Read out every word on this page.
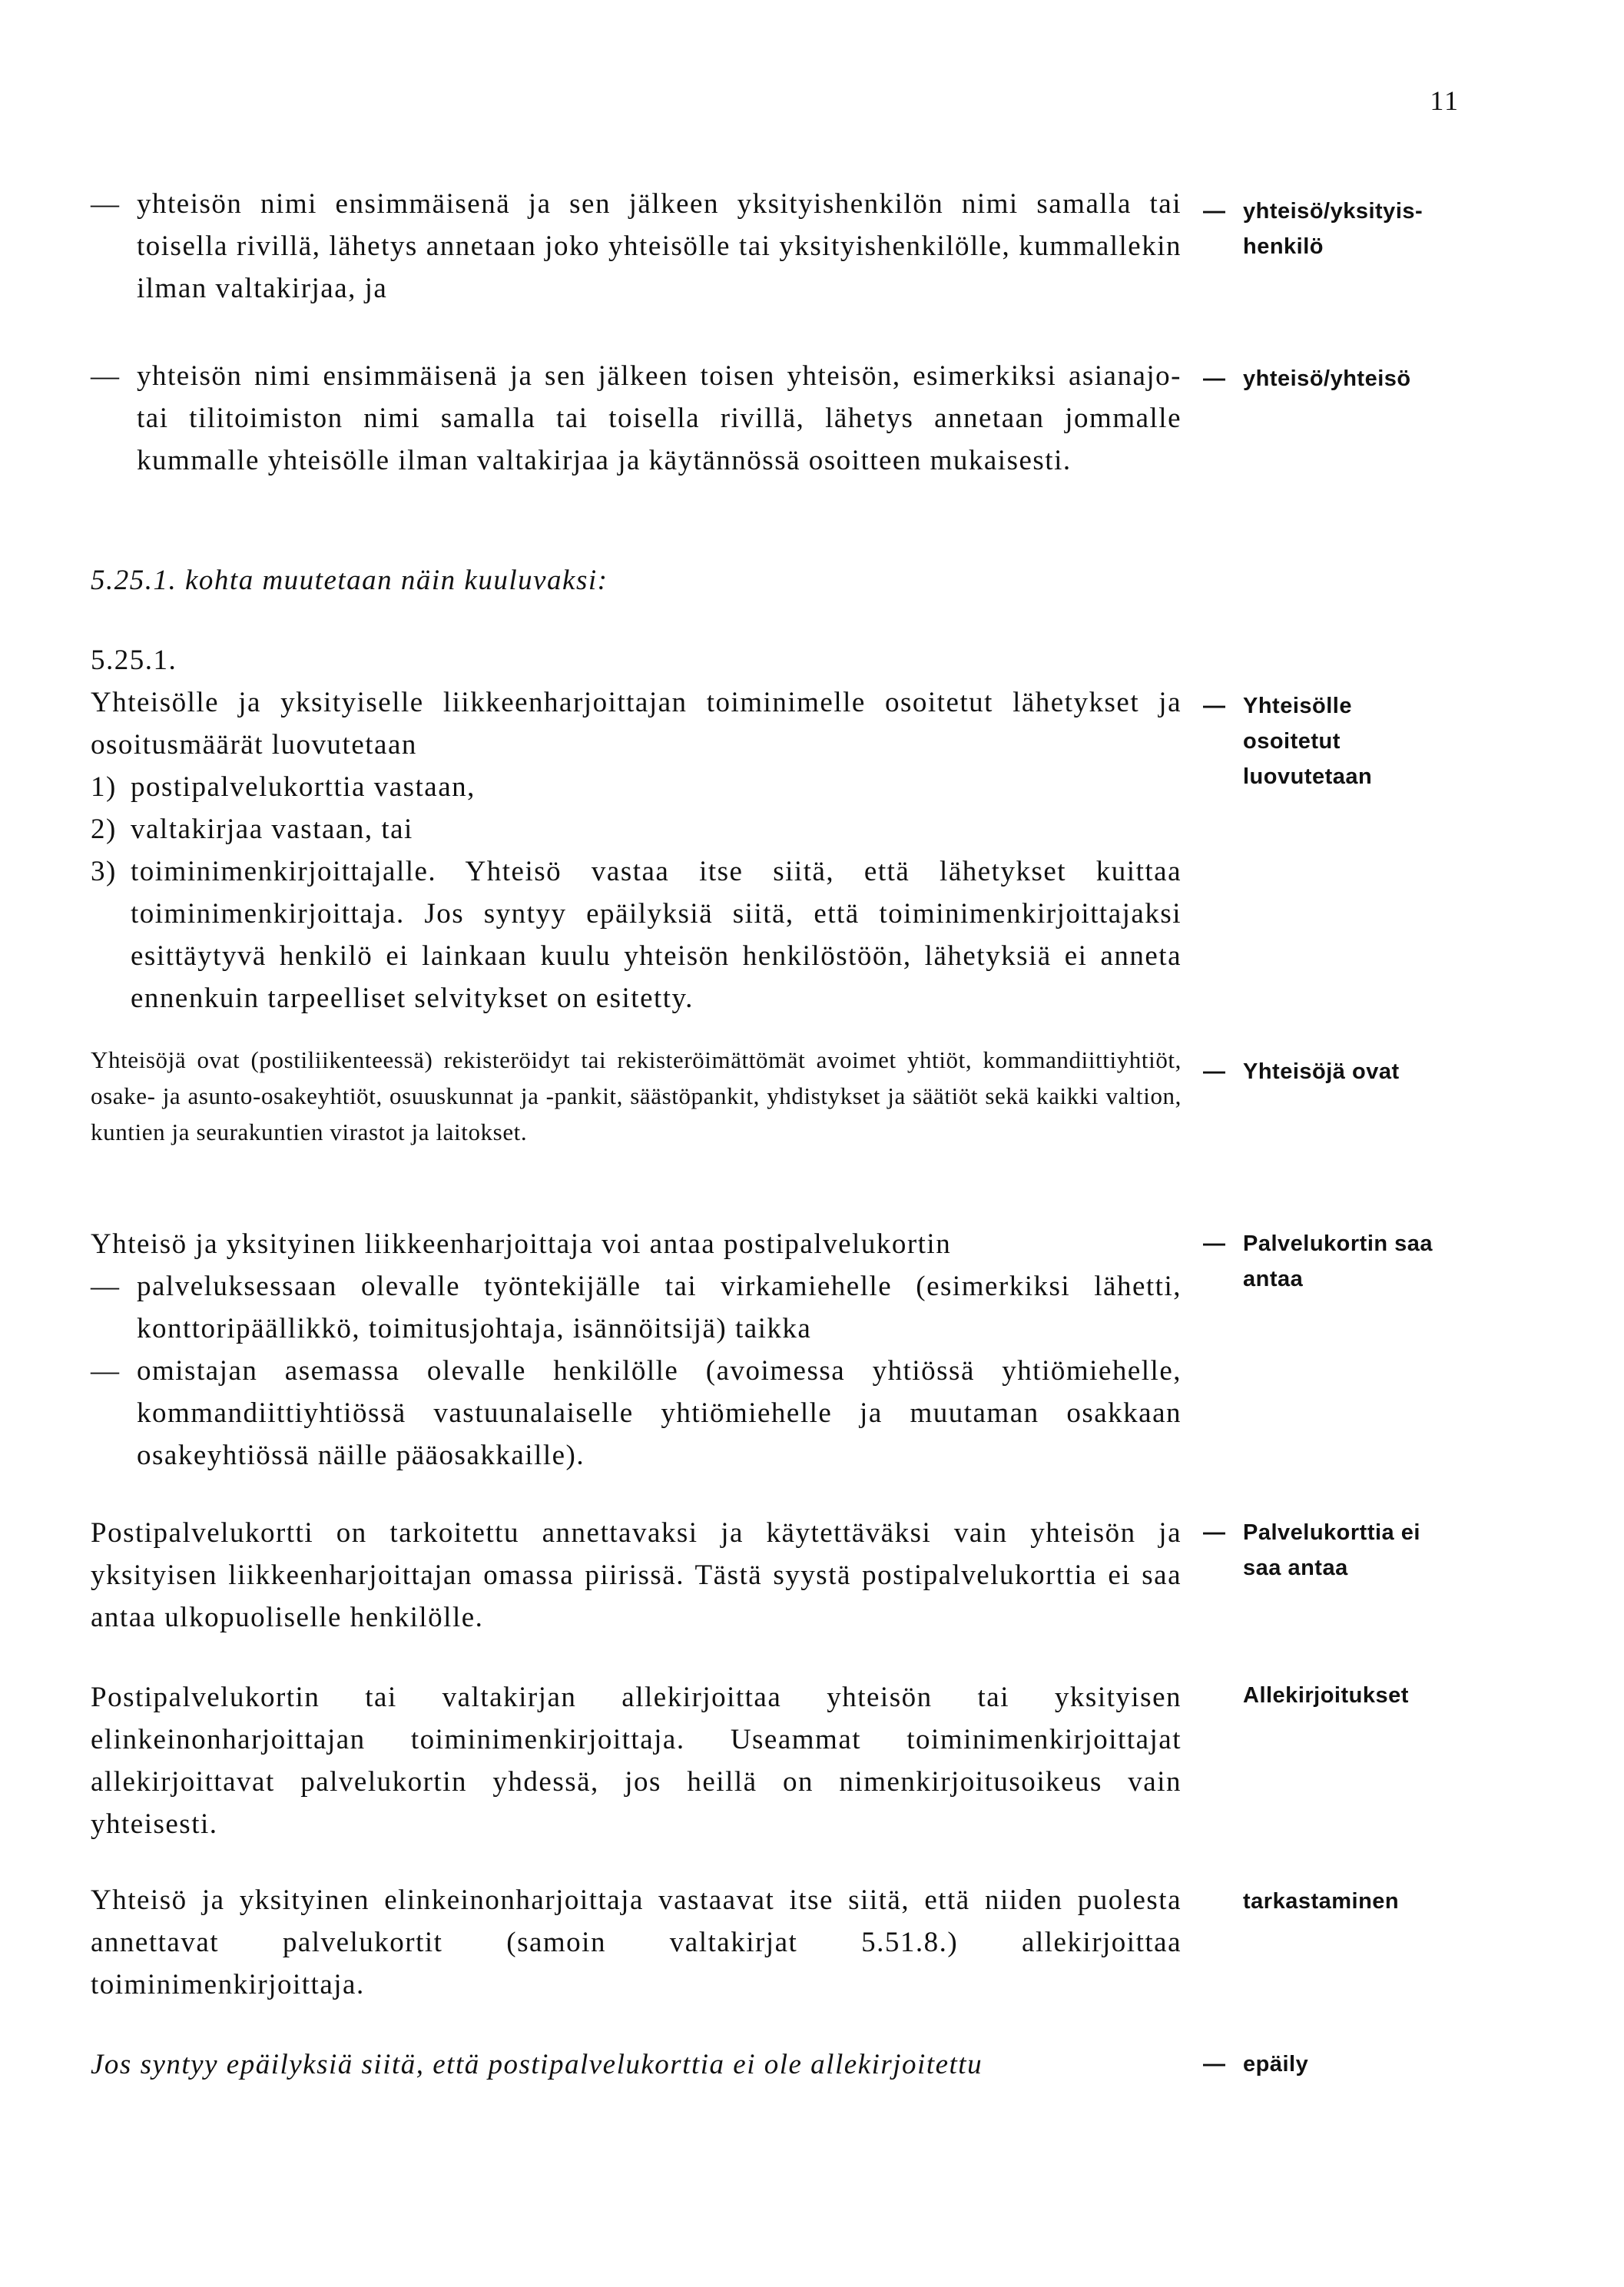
11
— yhteisön nimi ensimmäisenä ja sen jälkeen yksityishenkilön nimi samalla tai toisella rivillä, lähetys annetaan joko yhteisölle tai yksityishenkilölle, kummallekin ilman valtakirjaa, ja
— yhteisö/yksityis-
henkilö
— yhteisön nimi ensimmäisenä ja sen jälkeen toisen yhteisön, esimerkiksi asianajo- tai tilitoimiston nimi samalla tai toisella rivillä, lähetys annetaan jommalle kummalle yhteisölle ilman valtakirjaa ja käytännössä osoitteen mukaisesti.
— yhteisö/yhteisö
5.25.1. kohta muutetaan näin kuuluvaksi:
5.25.1.
Yhteisölle ja yksityiselle liikkeenharjoittajan toiminimelle osoitetut lähetykset ja osoitusmäärät luovutetaan
1) postipalvelukorttia vastaan,
2) valtakirjaa vastaan, tai
3) toiminimenkirjoittajalle. Yhteisö vastaa itse siitä, että lähetykset kuittaa toiminimenkirjoittaja. Jos syntyy epäilyksiä siitä, että toiminimenkirjoittajaksi esittäytyvä henkilö ei lainkaan kuulu yhteisön henkilöstöön, lähetyksiä ei anneta ennenkuin tarpeelliset selvitykset on esitetty.
— Yhteisölle
osoitetut
luovutetaan
Yhteisöjä ovat (postiliikenteessä) rekisteröidyt tai rekisteröimättömät avoimet yhtiöt, kommandiittiyhtiöt, osake- ja asunto-osakeyhtiöt, osuuskunnat ja -pankit, säästöpankit, yhdistykset ja säätiöt sekä kaikki valtion, kuntien ja seurakuntien virastot ja laitokset.
— Yhteisöjä ovat
Yhteisö ja yksityinen liikkeenharjoittaja voi antaa postipalvelukortin
— palveluksessaan olevalle työntekijälle tai virkamiehelle (esimerkiksi lähetti, konttoripäällikkö, toimitusjohtaja, isännöitsijä) taikka
— omistajan asemassa olevalle henkilölle (avoimessa yhtiössä yhtiömiehelle, kommandiittiyhtiössä vastuunalaiselle yhtiömiehelle ja muutaman osakkaan osakeyhtiössä näille pääosakkaille).
— Palvelukortin saa
antaa
Postipalvelukortti on tarkoitettu annettavaksi ja käytettäväksi vain yhteisön ja yksityisen liikkeenharjoittajan omassa piirissä. Tästä syystä postipalvelukorttia ei saa antaa ulkopuoliselle henkilölle.
— Palvelukorttia ei
saa antaa
Postipalvelukortin tai valtakirjan allekirjoittaa yhteisön tai yksityisen elinkeinonharjoittajan toiminimenkirjoittaja. Useammat toiminimenkirjoittajat allekirjoittavat palvelukortin yhdessä, jos heillä on nimenkirjoitusoikeus vain yhteisesti.
Allekirjoitukset
Yhteisö ja yksityinen elinkeinonharjoittaja vastaavat itse siitä, että niiden puolesta annettavat palvelukortit (samoin valtakirjat 5.51.8.) allekirjoittaa toiminimenkirjoittaja.
tarkastaminen
Jos syntyy epäilyksiä siitä, että postipalvelukorttia ei ole allekirjoitettu	— epäily
